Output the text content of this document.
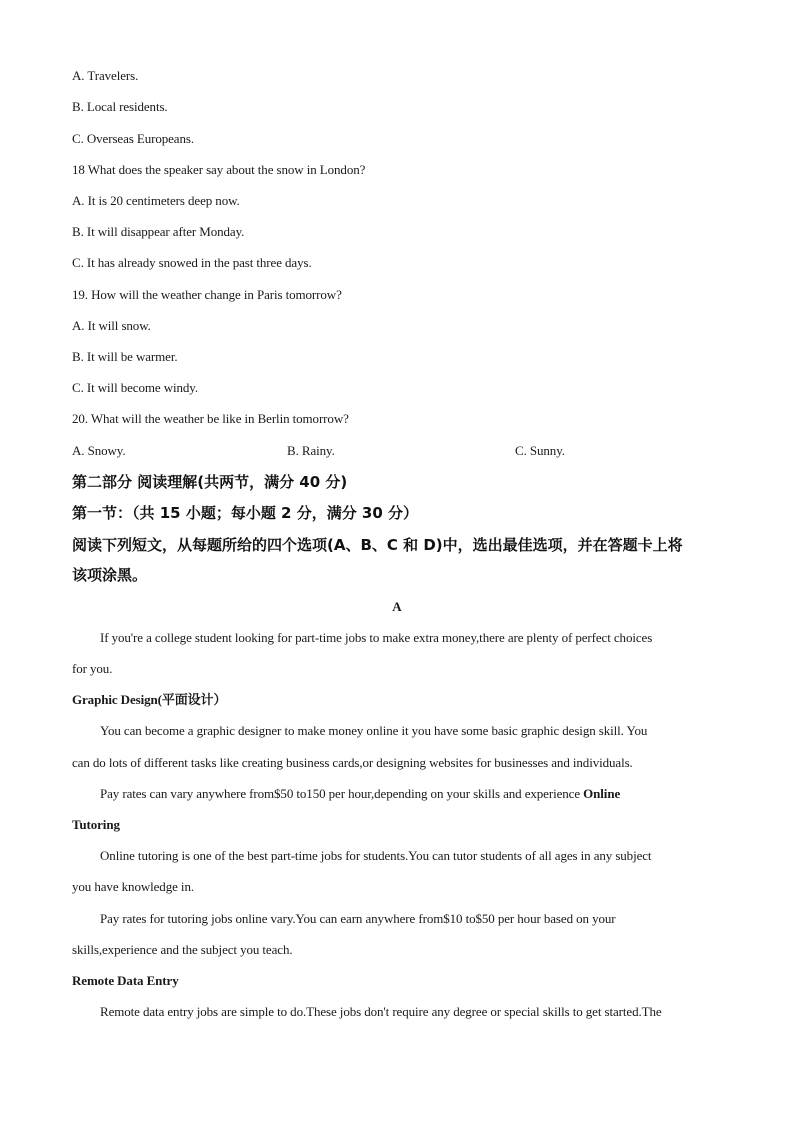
A. Travelers.
B. Local residents.
C. Overseas Europeans.
18 What does the speaker say about the snow in London?
A. It is 20 centimeters deep now.
B. It will disappear after Monday.
C. It has already snowed in the past three days.
19. How will the weather change in Paris tomorrow?
A. It will snow.
B. It will be warmer.
C. It will become windy.
20. What will the weather be like in Berlin tomorrow?
A. Snowy.	B. Rainy.	C. Sunny.
第二部分 阅读理解(共两节，满分 40 分)
第一节：（共 15 小题；每小题 2 分，满分 30 分）
阅读下列短文，从每题所给的四个选项(A、B、C 和 D)中，选出最佳选项，并在答题卡上将
该项涂黑。
A
If you're a college student looking for part-time jobs to make extra money,there are plenty of perfect choices
for you.
Graphic Design(平面设计）
You can become a graphic designer to make money online it you have some basic graphic design skill. You
can do lots of different tasks like creating business cards,or designing websites for businesses and individuals.
Pay rates can vary anywhere from$50 to150 per hour,depending on your skills and experience Online
Tutoring
Online tutoring is one of the best part-time jobs for students.You can tutor students of all ages in any subject
you have knowledge in.
Pay rates for tutoring jobs online vary.You can earn anywhere from$10 to$50 per hour based on your
skills,experience and the subject you teach.
Remote Data Entry
Remote data entry jobs are simple to do.These jobs don't require any degree or special skills to get started.The
